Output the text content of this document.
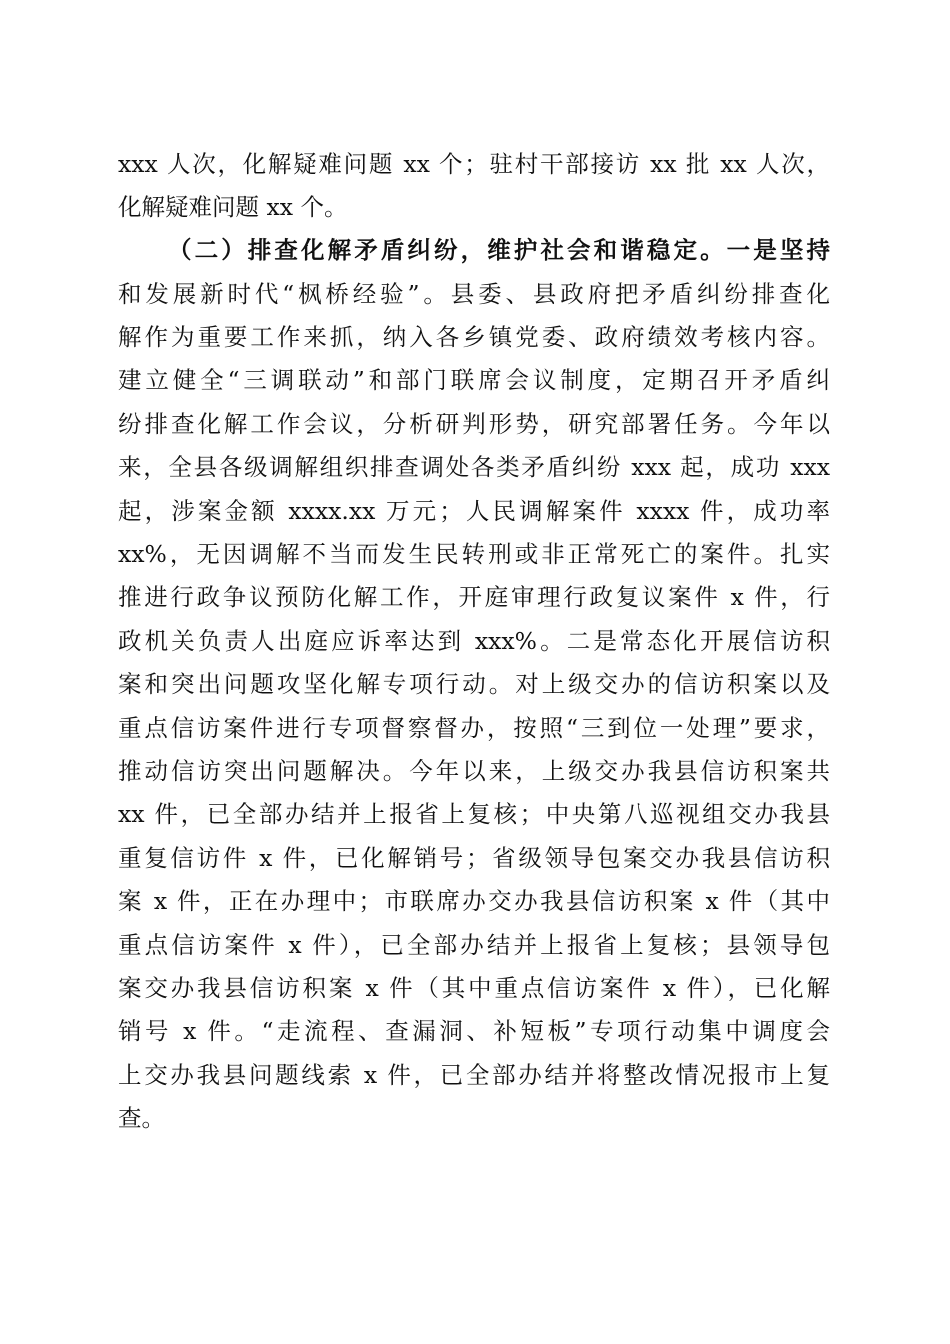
xxx 人次，化解疑难问题 xx 个；驻村干部接访 xx 批 xx 人次，
化解疑难问题 xx 个。
（二）排查化解矛盾纠纷，维护社会和谐稳定。一是坚持
和发展新时代“枫桥经验”。县委、县政府把矛盾纠纷排查化
解作为重要工作来抓，纳入各乡镇党委、政府绩效考核内容。
建立健全“三调联动”和部门联席会议制度，定期召开矛盾纠
纷排查化解工作会议，分析研判形势，研究部署任务。今年以
来，全县各级调解组织排查调处各类矛盾纠纷 xxx 起，成功 xxx
起，涉案金额 xxxx.xx 万元；人民调解案件 xxxx 件，成功率
xx%，无因调解不当而发生民转刑或非正常死亡的案件。扎实
推进行政争议预防化解工作，开庭审理行政复议案件 x 件，行
政机关负责人出庭应诉率达到 xxx%。二是常态化开展信访积
案和突出问题攻坚化解专项行动。对上级交办的信访积案以及
重点信访案件进行专项督察督办，按照“三到位一处理”要求，
推动信访突出问题解决。今年以来，上级交办我县信访积案共
xx 件，已全部办结并上报省上复核；中央第八巡视组交办我县
重复信访件 x 件，已化解销号；省级领导包案交办我县信访积
案 x 件，正在办理中；市联席办交办我县信访积案 x 件（其中
重点信访案件 x 件），已全部办结并上报省上复核；县领导包
案交办我县信访积案 x 件（其中重点信访案件 x 件），已化解
销号 x 件。“走流程、查漏洞、补短板”专项行动集中调度会
上交办我县问题线索 x 件，已全部办结并将整改情况报市上复
查。
